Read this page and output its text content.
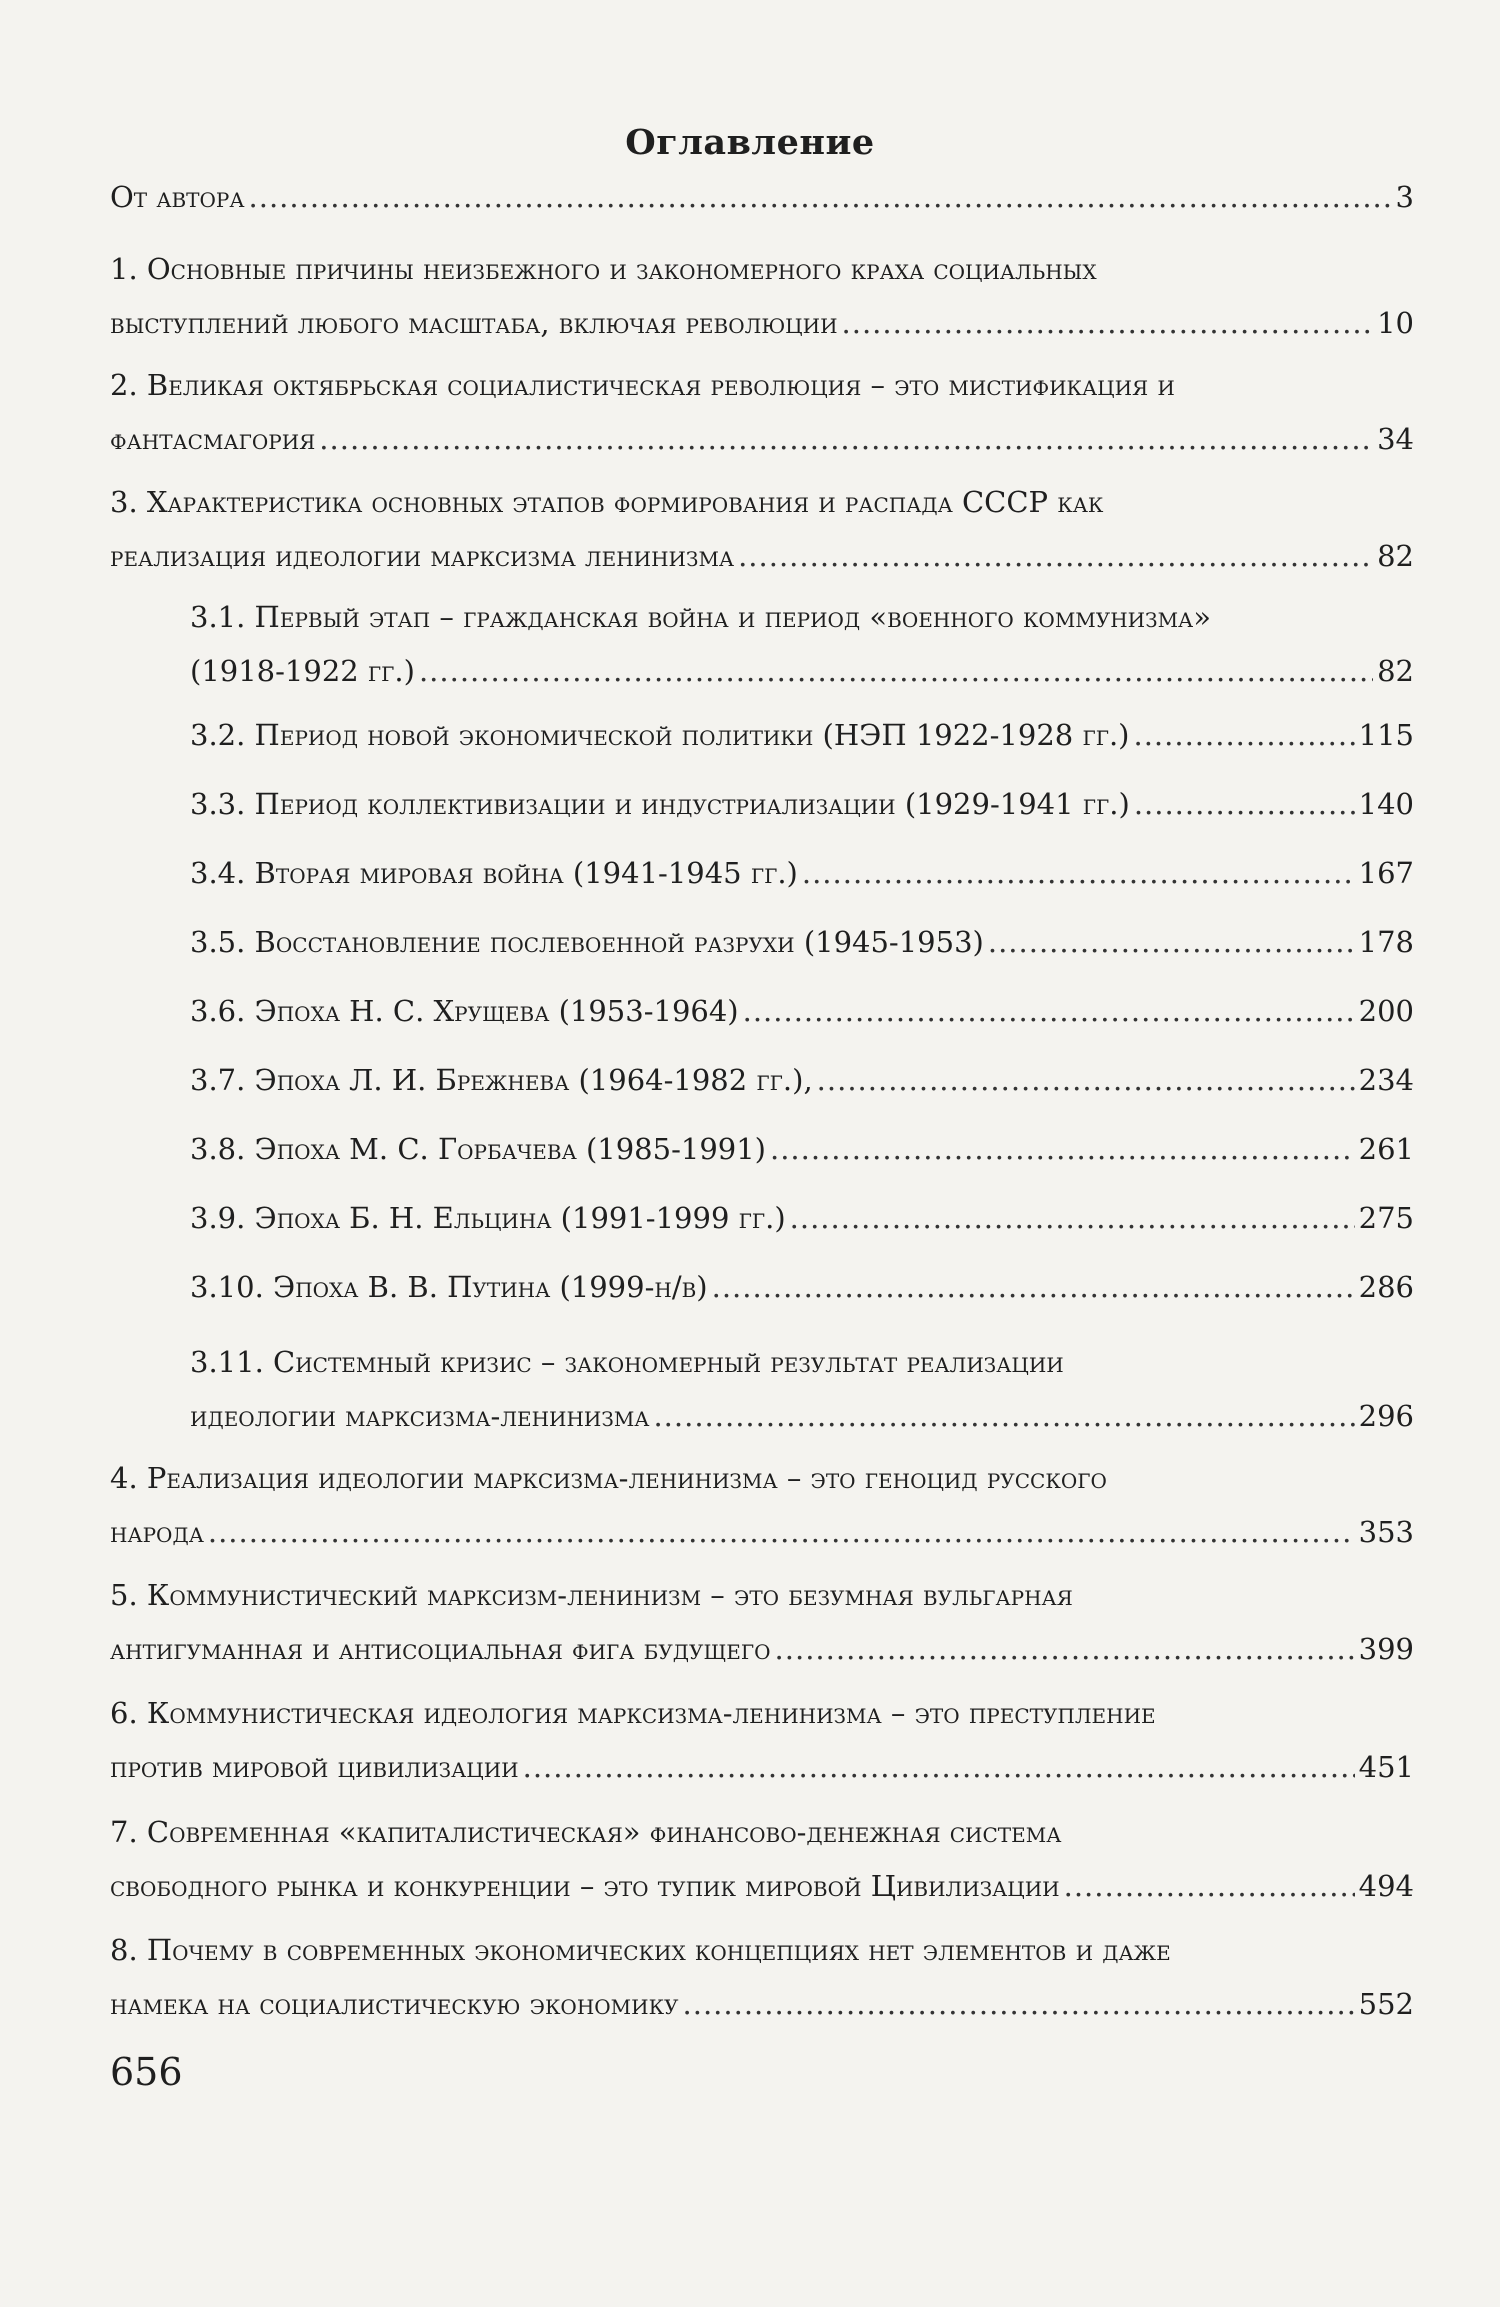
Оглавление
От автора .....	3
1. Основные причины неизбежного и закономерного краха социальных
выступлений любого масштаба, включая революции .....	10
2. Великая октябрьская социалистическая революция – это мистификация и
фантасмагория .....	34
3. Характеристика основных этапов формирования и распада СССР как
реализация идеологии марксизма ленинизма .....	82
3.1. Первый этап – гражданская война и период «военного коммунизма»
(1918-1922 гг.) .....	82
3.2. Период новой экономической политики (НЭП 1922-1928 гг.) .....	115
3.3. Период коллективизации и индустриализации (1929-1941 гг.) .....	140
3.4. Вторая мировая война (1941-1945 гг.) .....	167
3.5. Восстановление послевоенной разрухи (1945-1953) .....	178
3.6. Эпоха Н. С. Хрущева (1953-1964) .....	200
3.7. Эпоха Л. И. Брежнева (1964-1982 гг.), .....	234
3.8. Эпоха М. С. Горбачева (1985-1991) .....	261
3.9. Эпоха Б. Н. Ельцина (1991-1999 гг.) .....	275
3.10. Эпоха В. В. Путина (1999-н/в) .....	286
3.11. Системный кризис – закономерный результат реализации
идеологии марксизма-ленинизма .....	296
4. Реализация идеологии марксизма-ленинизма – это геноцид русского
народа .....	353
5. Коммунистический марксизм-ленинизм – это безумная вульгарная
антигуманная и антисоциальная фига будущего .....	399
6. Коммунистическая идеология марксизма-ленинизма – это преступление
против мировой цивилизации .....	451
7. Современная «капиталистическая» финансово-денежная система
свободного рынка и конкуренции – это тупик мировой Цивилизации .....	494
8. Почему в современных экономических концепциях нет элементов и даже
намека на социалистическую экономику .....	552
656
